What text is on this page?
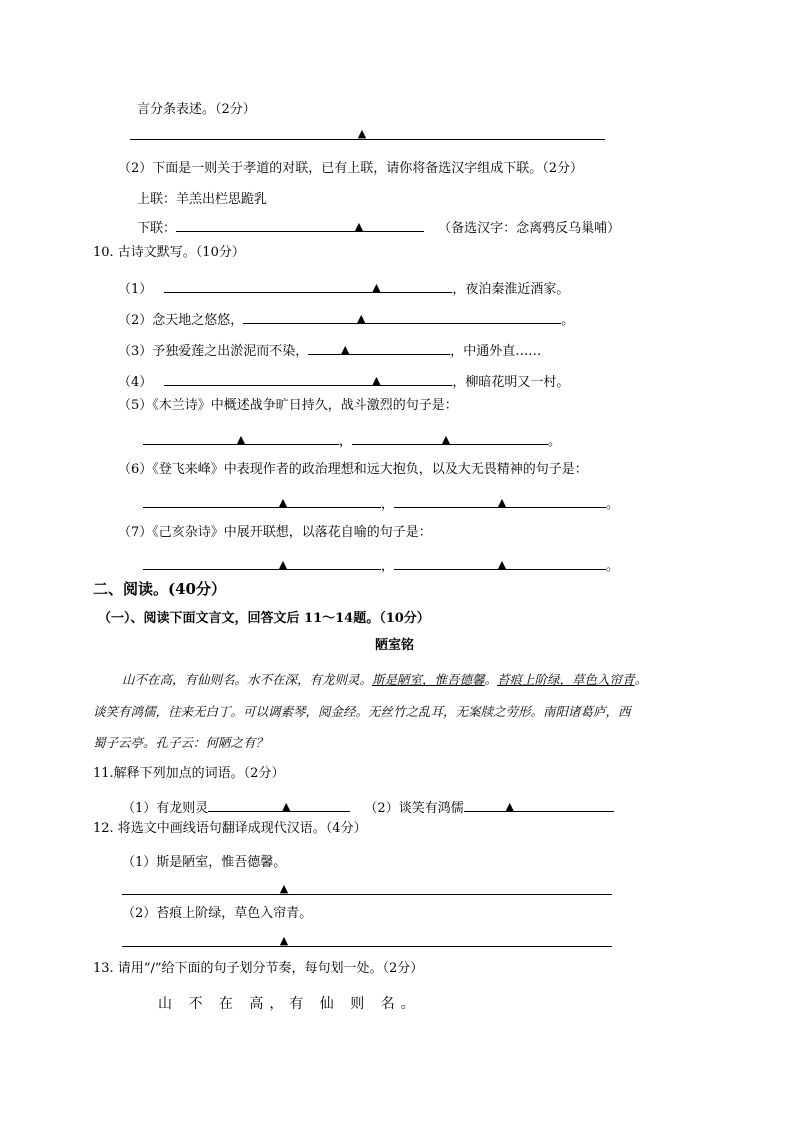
言分条表述。（2分）
▲
（2）下面是一则关于孝道的对联，已有上联，请你将备选汉字组成下联。（2分）
上联：羊羔出栏思跪乳
下联：	▲	（备选汉字：念离鸦反乌巢哺）
10. 古诗文默写。（10分）
（1）	▲	，夜泊秦淮近酒家。
（2）念天地之悠悠，	▲	。
（3）予独爱莲之出淤泥而不染，	▲	，中通外直……
（4）	▲	，柳暗花明又一村。
（5）《木兰诗》中概述战争旷日持久，战斗激烈的句子是：
▲	，	▲	。
（6）《登飞来峰》中表现作者的政治理想和远大抱负，以及大无畏精神的句子是：
▲	，	▲	。
（7）《己亥杂诗》中展开联想，以落花自喻的句子是：
▲	，	▲	。
二、阅读。(40分）
（一）、阅读下面文言文，回答文后 11～14题。（10分）
陋室铭
山不在高，有仙则名。水不在深，有龙则灵。斯是陋室，惟吾德馨。苔痕上阶绿，草色入帘青。
谈笑有鸿儒，往来无白丁。可以调素琴，阅金经。无丝竹之乱耳，无案牍之劳形。南阳诸葛庐，西
蜀子云亭。孔子云：何陋之有？
11.解释下列加点的词语。（2分）
（1）有龙则灵	▲	（2）谈笑有鸿儒	▲
12. 将选文中画线语句翻译成现代汉语。（4分）
（1）斯是陋室，惟吾德馨。
▲
（2）苔痕上阶绿，草色入帘青。
▲
13. 请用“/”给下面的句子划分节奏，每句划一处。（2分）
山 不 在 高，有 仙 则 名。
